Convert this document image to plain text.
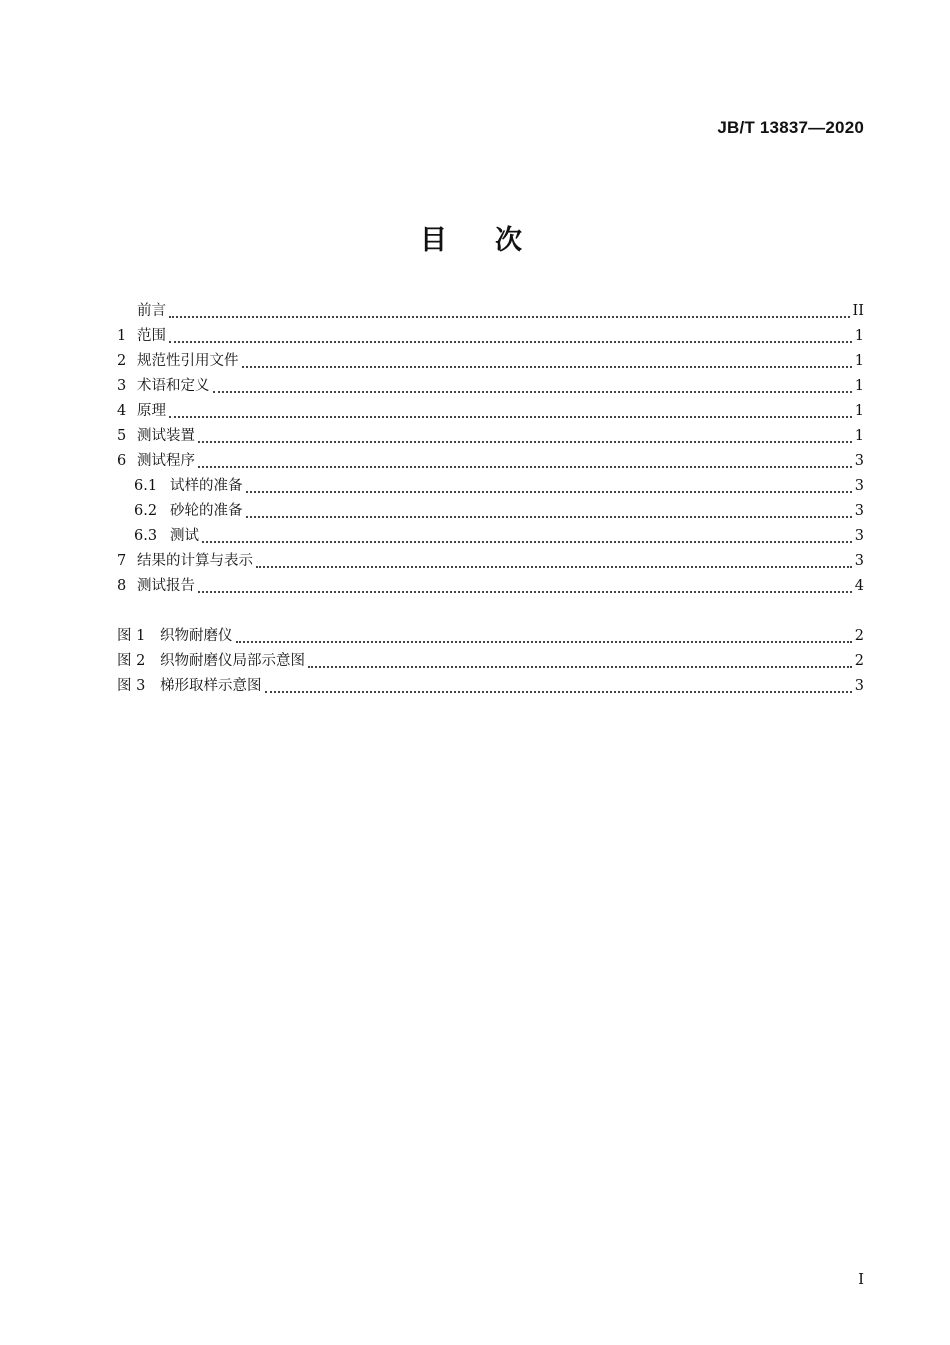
JB/T 13837—2020
目次
前言	II
1 范围	1
2 规范性引用文件	1
3 术语和定义	1
4 原理	1
5 测试装置	1
6 测试程序	3
6.1 试样的准备	3
6.2 砂轮的准备	3
6.3 测试	3
7 结果的计算与表示	3
8 测试报告	4
图 1	织物耐磨仪	2
图 2	织物耐磨仪局部示意图	2
图 3	梯形取样示意图	3
I
